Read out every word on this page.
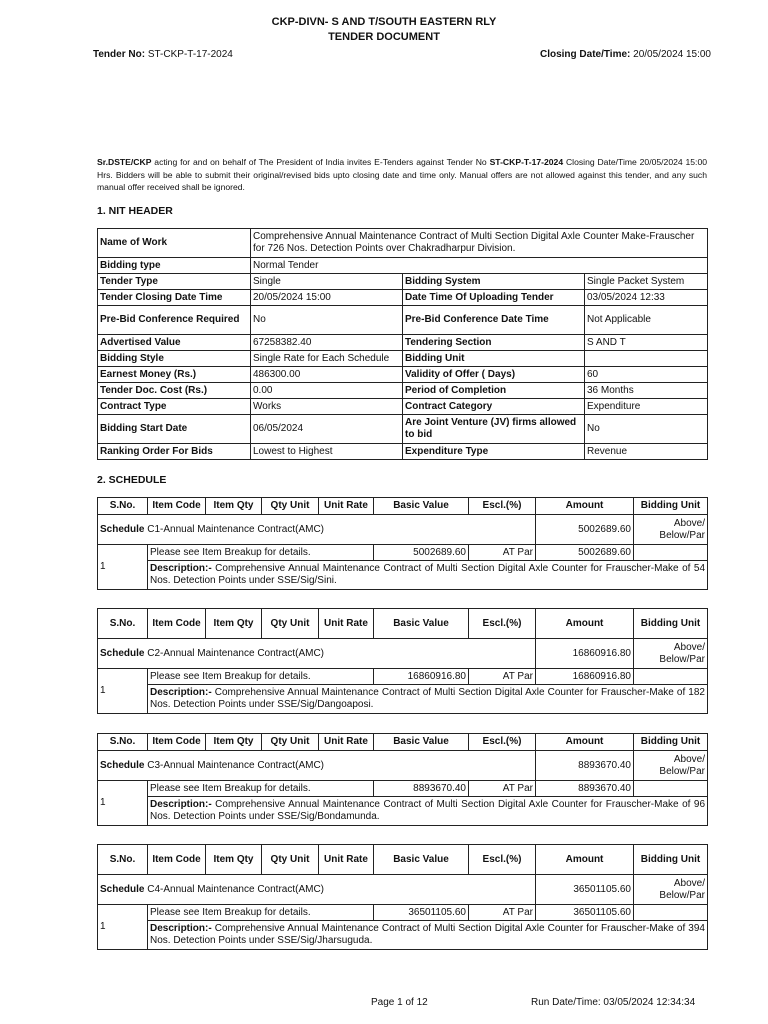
CKP-DIVN- S AND T/SOUTH EASTERN RLY
TENDER DOCUMENT
Tender No: ST-CKP-T-17-2024	Closing Date/Time: 20/05/2024 15:00

Sr.DSTE/CKP acting for and on behalf of The President of India invites E-Tenders against Tender No ST-CKP-T-17-2024 Closing Date/Time 20/05/2024 15:00 Hrs. Bidders will be able to submit their original/revised bids upto closing date and time only. Manual offers are not allowed against this tender, and any such manual offer received shall be ignored.

1. NIT HEADER
Name of Work	Comprehensive Annual Maintenance Contract of Multi Section Digital Axle Counter Make-Frauscher for 726 Nos. Detection Points over Chakradharpur Division.		
Bidding type	Normal Tender		
Tender Type	Single	Bidding System	Single Packet System
Tender Closing Date Time	20/05/2024 15:00	Date Time Of Uploading Tender	03/05/2024 12:33
Pre-Bid Conference Required	No	Pre-Bid Conference Date Time	Not Applicable
Advertised Value	67258382.40	Tendering Section	S AND T
Bidding Style	Single Rate for Each Schedule	Bidding Unit	
Earnest Money (Rs.)	486300.00	Validity of Offer ( Days)	60
Tender Doc. Cost (Rs.)	0.00	Period of Completion	36 Months
Contract Type	Works	Contract Category	Expenditure
Bidding Start Date	06/05/2024	Are Joint Venture (JV) firms allowed to bid	No
Ranking Order For Bids	Lowest to Highest	Expenditure Type	Revenue
2. SCHEDULE
S.No.	Item Code	Item Qty	Qty Unit	Unit Rate	Basic Value	Escl.(%)	Amount	Bidding Unit
Schedule C1-Annual Maintenance Contract(AMC)							5002689.60	Above/ Below/Par
1	Please see Item Breakup for details.				5002689.60	AT Par	5002689.60	
	Description:- Comprehensive Annual Maintenance Contract of Multi Section Digital Axle Counter for Frauscher-Make of 54 Nos. Detection Points under SSE/Sig/Sini.							
S.No.	Item Code	Item Qty	Qty Unit	Unit Rate	Basic Value	Escl.(%)	Amount	Bidding Unit
Schedule C2-Annual Maintenance Contract(AMC)							16860916.80	Above/ Below/Par
1	Please see Item Breakup for details.				16860916.80	AT Par	16860916.80	
	Description:- Comprehensive Annual Maintenance Contract of Multi Section Digital Axle Counter for Frauscher-Make of 182 Nos. Detection Points under SSE/Sig/Dangoaposi.							
S.No.	Item Code	Item Qty	Qty Unit	Unit Rate	Basic Value	Escl.(%)	Amount	Bidding Unit
Schedule C3-Annual Maintenance Contract(AMC)							8893670.40	Above/ Below/Par
1	Please see Item Breakup for details.				8893670.40	AT Par	8893670.40	
	Description:- Comprehensive Annual Maintenance Contract of Multi Section Digital Axle Counter for Frauscher-Make of 96 Nos. Detection Points under SSE/Sig/Bondamunda.							
S.No.	Item Code	Item Qty	Qty Unit	Unit Rate	Basic Value	Escl.(%)	Amount	Bidding Unit
Schedule C4-Annual Maintenance Contract(AMC)							36501105.60	Above/ Below/Par
1	Please see Item Breakup for details.				36501105.60	AT Par	36501105.60	
	Description:- Comprehensive Annual Maintenance Contract of Multi Section Digital Axle Counter for Frauscher-Make of 394 Nos. Detection Points under SSE/Sig/Jharsuguda.							
Page 1 of 12	Run Date/Time: 03/05/2024 12:34:34
